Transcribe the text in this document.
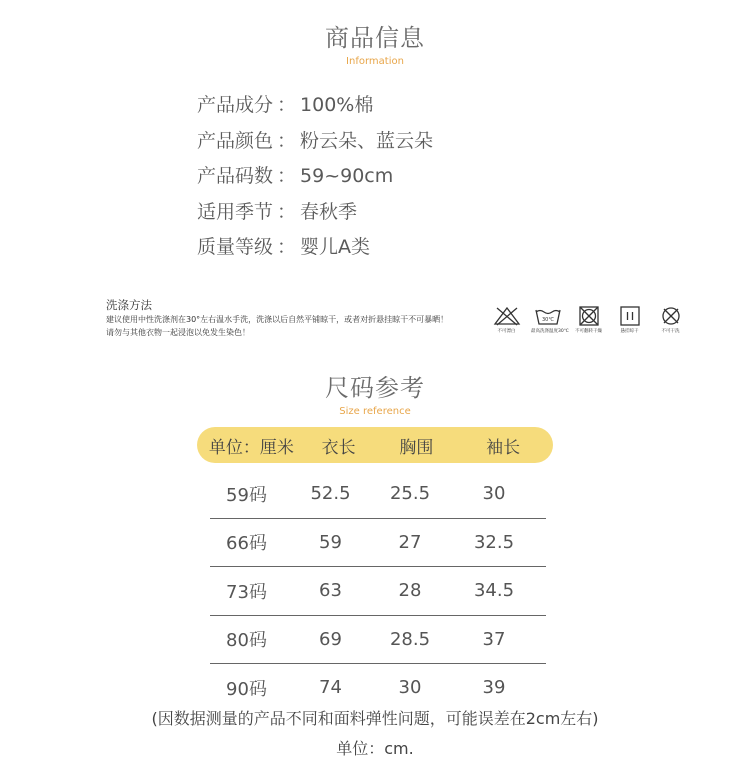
商品信息
Information
产品成分 ： 100%棉
产品颜色 ： 粉云朵、蓝云朵
产品码数 ： 59~90cm
适用季节 ： 春秋季
质量等级 ： 婴儿A类
洗涤方法
建议使用中性洗涤剂在30°左右温水手洗，洗涤以后自然平铺晾干，或者对折悬挂晾干不可暴晒！
请勿与其他衣物一起浸泡以免发生染色！	不可漂白
30℃
最高洗涤温度30℃	不可翻转干燥	悬挂晾干	不可干洗
尺码参考
Size reference
单位：厘米	衣长	胸围	袖长
59码	52.5	25.5	30
66码	59	27	32.5
73码	63	28	34.5
80码	69	28.5	37
90码	74	30	39
(因数据测量的产品不同和面料弹性问题，可能误差在2cm左右)
单位：cm.
